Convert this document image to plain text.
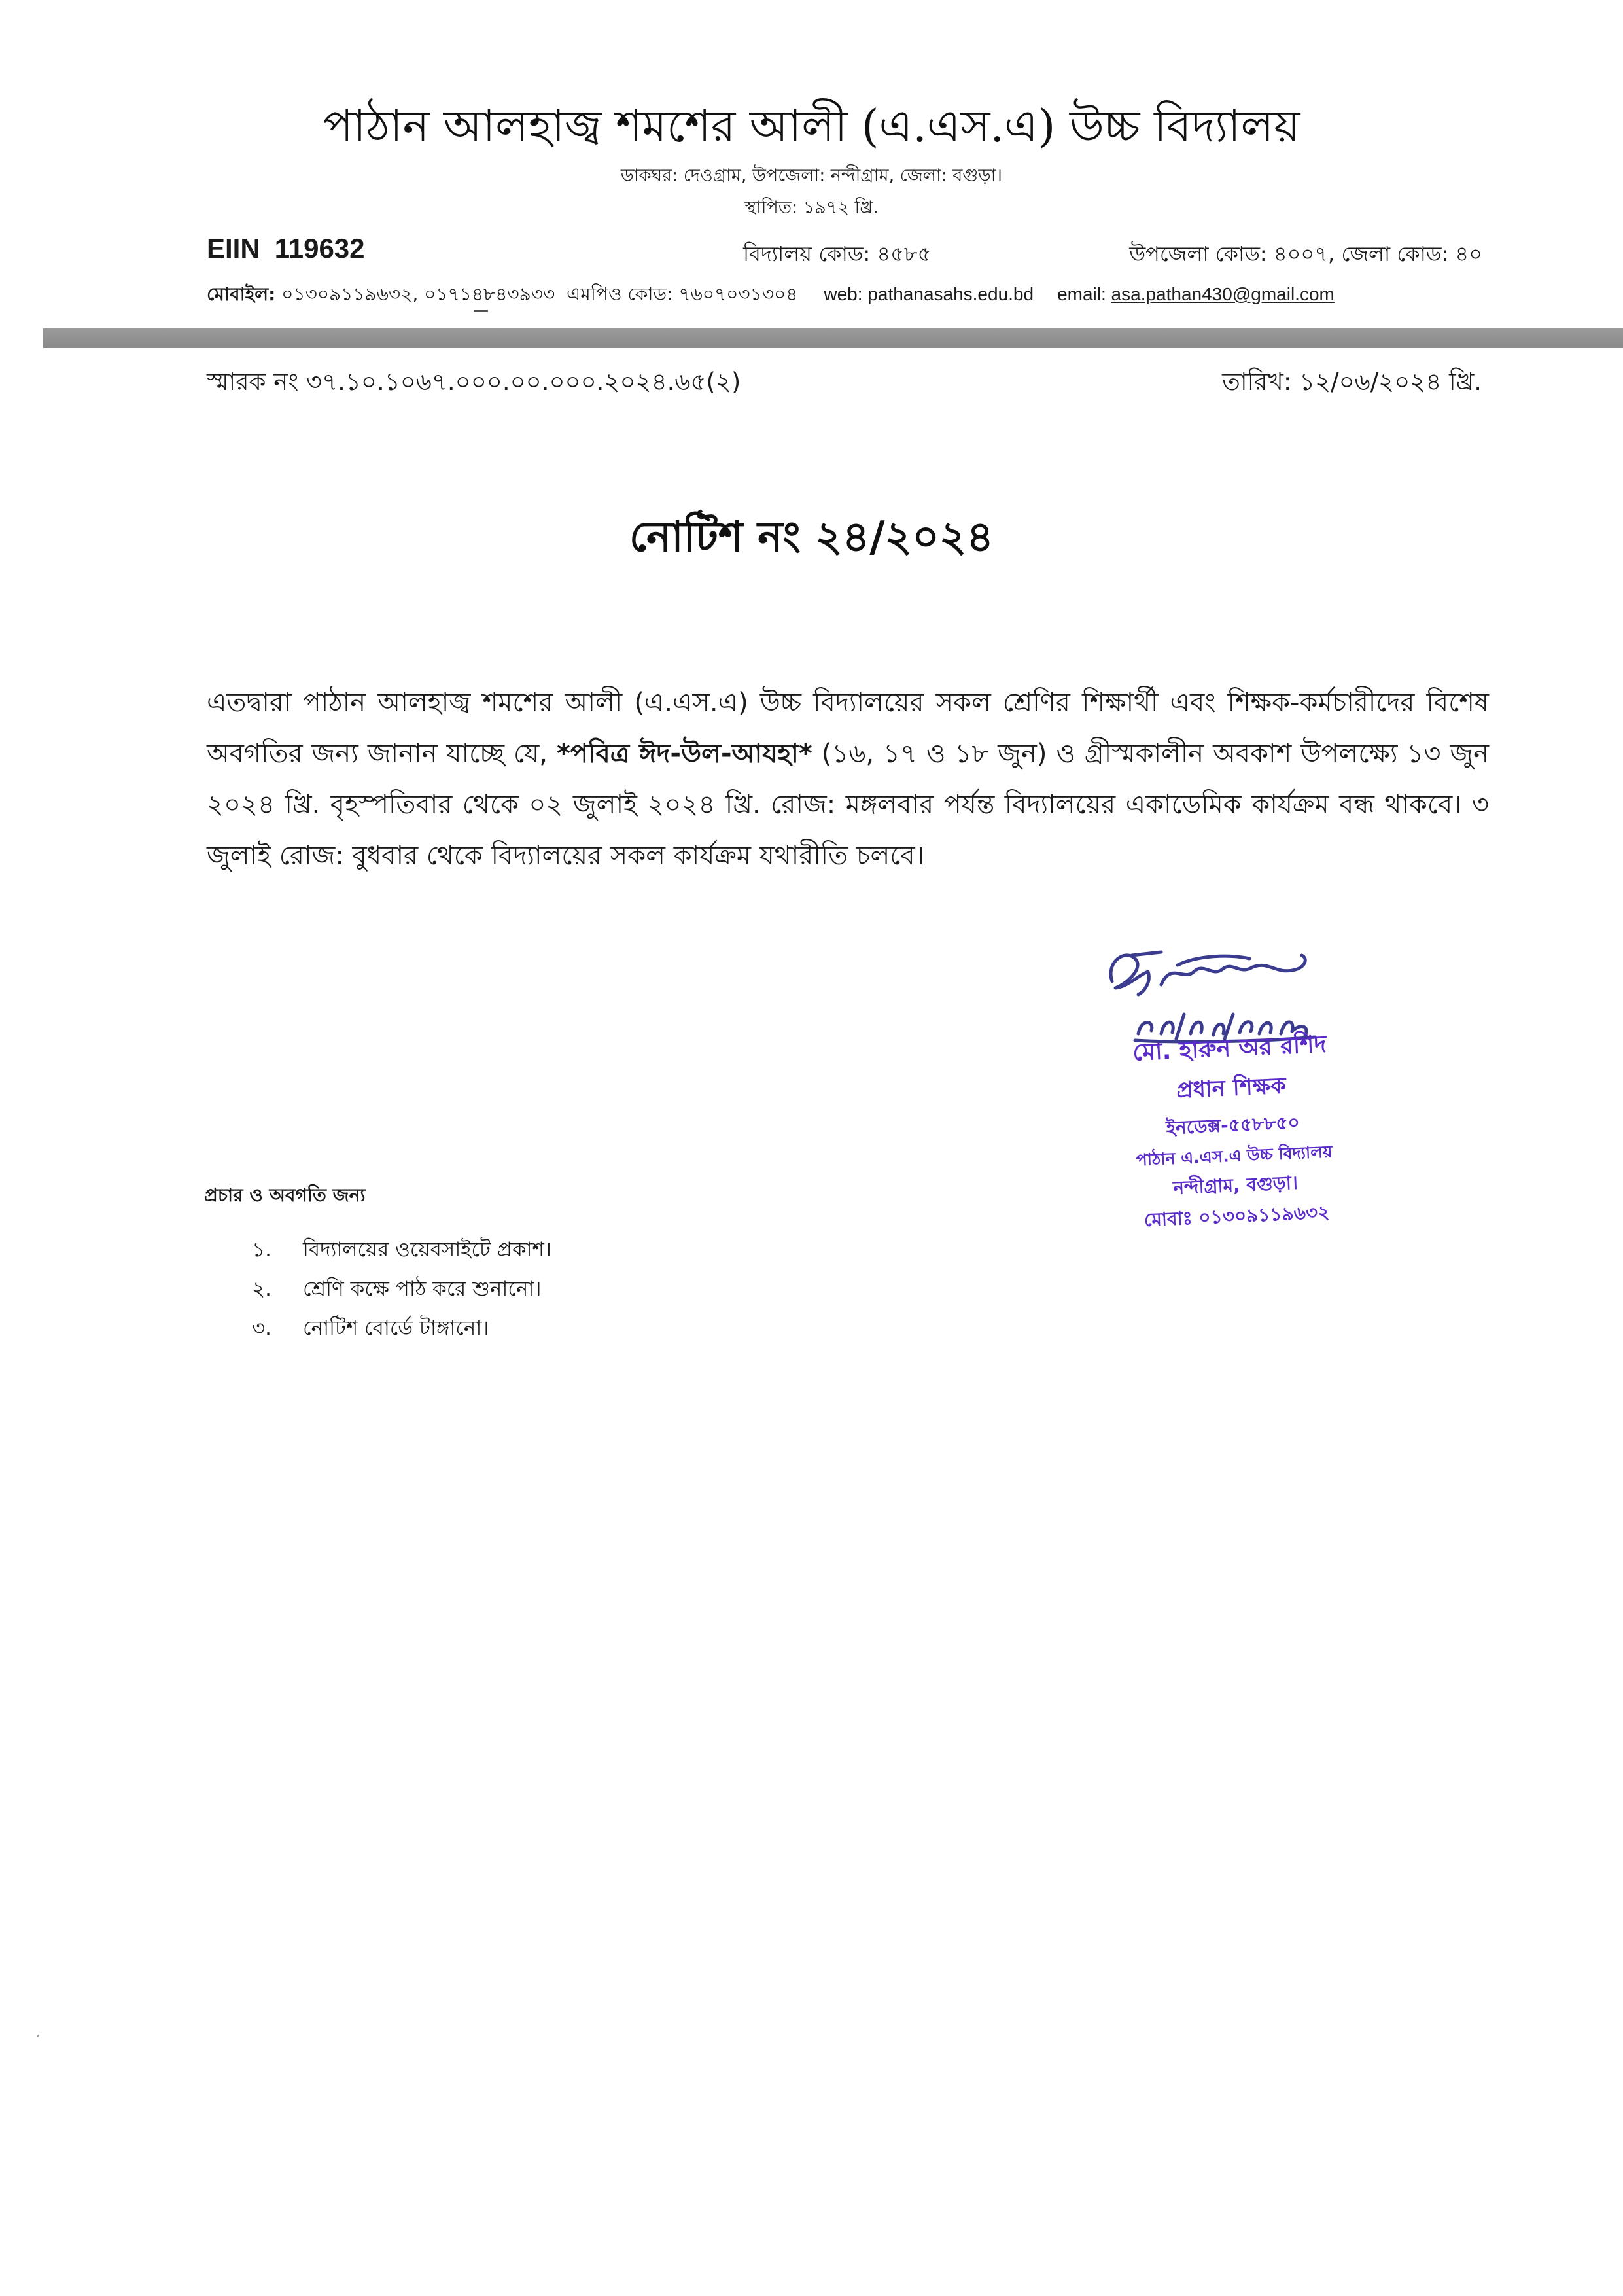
পাঠান আলহাজ্ব শমশের আলী (এ.এস.এ) উচ্চ বিদ্যালয়
ডাকঘর: দেওগ্রাম, উপজেলা: নন্দীগ্রাম, জেলা: বগুড়া।
স্থাপিত: ১৯৭২ খ্রি.
EIIN 119632	বিদ্যালয় কোড: ৪৫৮৫	উপজেলা কোড: ৪০০৭, জেলা কোড: ৪০
মোবাইল: ০১৩০৯১১৯৬৩২, ০১৭১৪৮৪৩৯৩৩ এমপিও কোড: ৭৬০৭০৩১৩০৪ web: pathanasahs.edu.bd email: asa.pathan430@gmail.com
স্মারক নং ৩৭.১০.১০৬৭.০০০.০০.০০০.২০২৪.৬৫(২)	তারিখ: ১২/০৬/২০২৪ খ্রি.
নোটিশ নং ২৪/২০২৪
এতদ্বারা পাঠান আলহাজ্ব শমশের আলী (এ.এস.এ) উচ্চ বিদ্যালয়ের সকল শ্রেণির শিক্ষার্থী এবং শিক্ষক-কর্মচারীদের বিশেষ অবগতির জন্য জানান যাচ্ছে যে, *পবিত্র ঈদ-উল-আযহা* (১৬, ১৭ ও ১৮ জুন) ও গ্রীস্মকালীন অবকাশ উপলক্ষ্যে ১৩ জুন ২০২৪ খ্রি. বৃহস্পতিবার থেকে ০২ জুলাই ২০২৪ খ্রি. রোজ: মঙ্গলবার পর্যন্ত বিদ্যালয়ের একাডেমিক কার্যক্রম বন্ধ থাকবে। ৩ জুলাই রোজ: বুধবার থেকে বিদ্যালয়ের সকল কার্যক্রম যথারীতি চলবে।
মো. হারুন অর রশিদ
প্রধান শিক্ষক
ইনডেক্স-৫৫৮৮৫০
পাঠান এ.এস.এ উচ্চ বিদ্যালয়
নন্দীগ্রাম, বগুড়া।
মোবাঃ ০১৩০৯১১৯৬৩২
প্রচার ও অবগতি জন্য
১. বিদ্যালয়ের ওয়েবসাইটে প্রকাশ।
২. শ্রেণি কক্ষে পাঠ করে শুনানো।
৩. নোটিশ বোর্ডে টাঙ্গানো।
